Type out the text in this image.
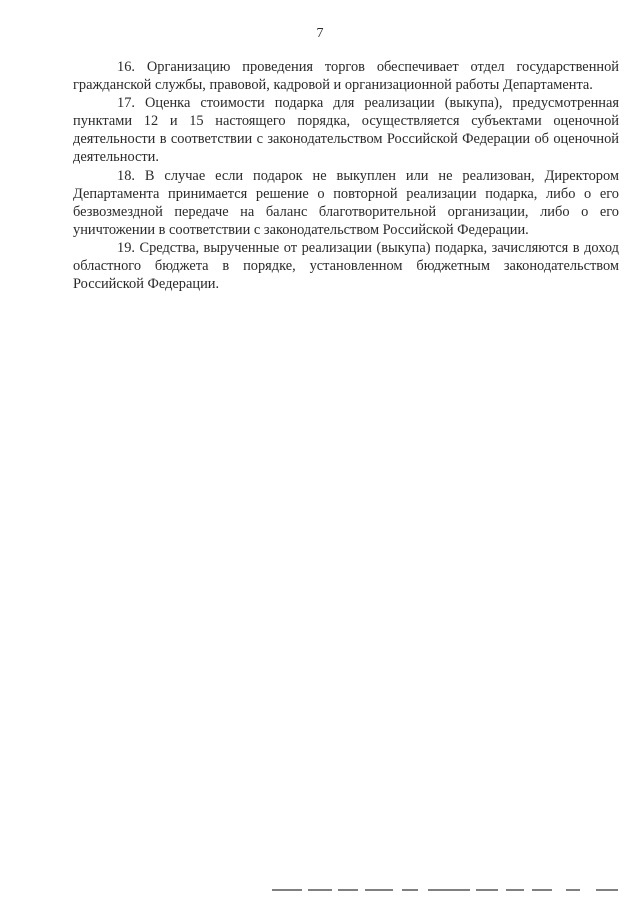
7

16. Организацию проведения торгов обеспечивает отдел государственной гражданской службы, правовой, кадровой и организационной работы Департамента.

17. Оценка стоимости подарка для реализации (выкупа), предусмотренная пунктами 12 и 15 настоящего порядка, осуществляется субъектами оценочной деятельности в соответствии с законодательством Российской Федерации об оценочной деятельности.

18. В случае если подарок не выкуплен или не реализован, Директором Департамента принимается решение о повторной реализации подарка, либо о его безвозмездной передаче на баланс благотворительной организации, либо о его уничтожении в соответствии с законодательством Российской Федерации.

19. Средства, вырученные от реализации (выкупа) подарка, зачисляются в доход областного бюджета в порядке, установленном бюджетным законодательством Российской Федерации.
